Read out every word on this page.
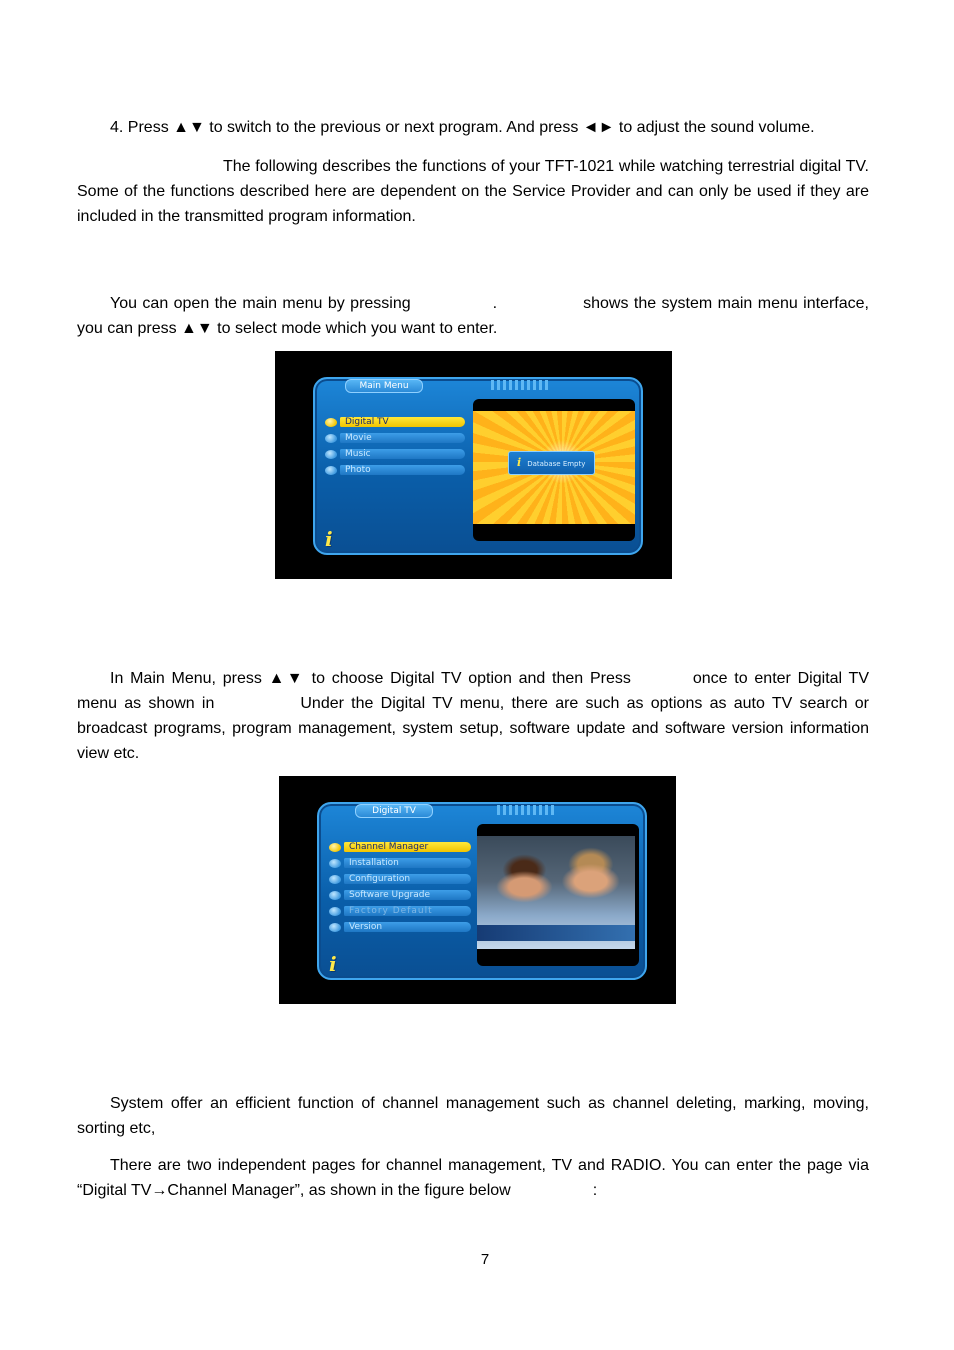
4. Press ▲▼ to switch to the previous or next program. And press ◄► to adjust the sound volume.

The following describes the functions of your TFT-1021 while watching terrestrial digital TV. Some of the functions described here are dependent on the Service Provider and can only be used if they are included in the transmitted program information.

You can open the main menu by pressing	.	shows the system main menu interface, you can press ▲▼ to select mode which you want to enter.

Main Menu
Digital TV
Movie
Music
Photo
i Database Empty
i

In Main Menu, press ▲▼ to choose Digital TV option and then Press	once to enter Digital TV menu as shown in	Under the Digital TV menu, there are such as options as auto TV search or broadcast programs, program management, system setup, software update and software version information view etc.

Digital TV
Channel Manager
Installation
Configuration
Software Upgrade
Factory Default
Version
i

System offer an efficient function of channel management such as channel deleting, marking, moving, sorting etc,

There are two independent pages for channel management, TV and RADIO. You can enter the page via “Digital TV→Channel Manager”, as shown in the figure below	:

7
